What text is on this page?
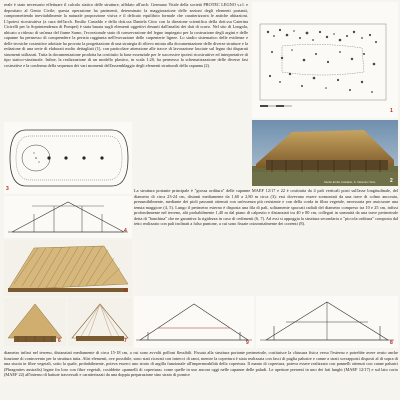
reale è stato necessario effettuare il calcolo statico delle strutture, affidato all'arch. Germano Vitale della società PROTEC LEGNO s.r.l. e depositato al Genio Civile; questa operazione ha parimenti, determinato la maggiorazione delle sezioni degli elementi portanti, compromettendo inevitabilmente la naturale proporzione visiva e il delicato equilibrio formale che caratterizzava le antiche abitazioni. L'ipotesi ricostruttiva (a cura dell'arch. Emilio Castaldo e della dott.ssa Daniela Citro con la direzione scientifica della dott.ssa Caterina Cicirelli per la Soprintendenza di Pompei) è stata basata sugli elementi oggettivi desunti dall'analisi dei dati di scavo. Nel sito di Longola, ubicato a ridosso di un'ansa del fiume Sarno, l'eccezionale stato di conservazione del legno impiegato per la costruzione degli argini e delle capanne ha permesso di comprendere la perizia raggiunta nell'esecuzione delle carpenterie lignee. Lo studio sistematico delle evidenze e delle tecniche costruttive adottate ha provato la progettazione di una strategia di rilievo mirata alla documentazione delle diverse strutture e la redazione di una serie di elaborati molto dettagliati (1), con particolare attenzione alle tracce di lavorazione lasciate sul legno dai disparati strumenti utilizzati. Tutta la documentazione prodotta ha costituito la base essenziale per le successive ipotesi ricostruttive ed interpretative di tipo statico-strutturale. Infine, la realizzazione di un modello plastico, in scala 1:20, ha permesso la schematizzazione delle diverse fasi costruttive e la conferma della sequenza dei vari momenti dell'assemblaggio degli elementi strutturali della capanna (2).

1
Studio Emilio Castaldo, S. Valentino Torio	2
3	La struttura portante principale è "grossa orditura" delle capanne MAEF 12/17 e 22 è costituita da 4 pali verticali posti sull'asse longitudinale, del diametro di circa 23-24 cm, distanti mediamente da 1,60 a 2,80 m circa (3); essi dovevano essere sormontati da una trave di colmo ancorata, presumibilmente, mediante dei pioli passanti ottenuti con un'essenza più resistente e con della corda in fibra vegetale, necessaria per assicurare una tenuta maggiore (4, 5). Lungo il perimetro esterno è disposta una fila di pali, solitamente spaccati radiali del diametro compreso tra 10 e 25 cm, infissi profondamente nel terreno, alti probabilmente 1,40 m dal piano di calpestio e distanziati tra 40 e 80 cm, collegati in sommità da una trave perimetrale detta di "banchina" che ne garantiva la rigidezza in caso di cedimenti (6, 7). Ad essi si appoggia la struttura secondaria o "piccola orditura" composta dal tetto realizzato con pali inclinati a falso puntone, a cui sono fissate orizzontalmente dei correnti (8).

4
5
6	7	8
9

diametro infissi nel terreno, distanziati mediamente di circa 15-18 cm, a cui sono avvolti polloni flessibili. Fissata alla struttura portante perimetrale, costituisce la chiusura fisica verso l'esterno e potrebbe avere avuto anche funzione di controvento per la struttura tutta. Altri elementi, ove possibile, sono stati ricavati con intrecci di rami, mentre la copertura è stata realizzata con fasci di paglia palustre e canne a strati sovrapposti disposti al di sopra di una stuoia in fibre vegetali, sotto la quale, probabilmente, poteva esserci uno strato di argilla funzionale all'impermeabilità della copertura. Il manto di copertura, poteva essere realizzato con pannelli ottenuti con canne palustri (Phragmites australis) legate fra loro con fibre vegetali, cosiddette «pannelli di copertura» come quelle in uso ancora oggi nelle capanne delle paludi. Le aperture presenti in uno dei lati lunghi (MAEF 12/17) e sul lato corto (MAEF 22) all'interno di battute trasversali e caratterizzati da una doppia preparazione sino strato di pomice
